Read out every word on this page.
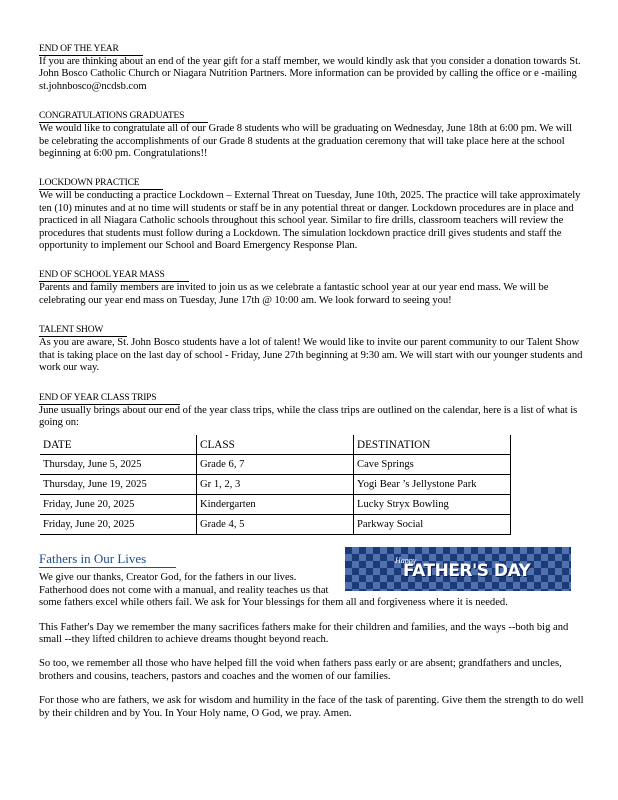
END OF THE YEAR

If you are thinking about an end of the year gift for a staff member, we would kindly ask that you consider a donation towards St. John Bosco Catholic Church or Niagara Nutrition Partners. More information can be provided by calling the office or e -mailing st.johnbosco@ncdsb.com

CONGRATULATIONS GRADUATES

We would like to congratulate all of our Grade 8 students who will be graduating on Wednesday, June 18th at 6:00 pm. We will be celebrating the accomplishments of our Grade 8 students at the graduation ceremony that will take place here at the school beginning at 6:00 pm. Congratulations!!

LOCKDOWN PRACTICE

We will be conducting a practice Lockdown – External Threat on Tuesday, June 10th, 2025. The practice will take approximately ten (10) minutes and at no time will students or staff be in any potential threat or danger. Lockdown procedures are in place and practiced in all Niagara Catholic schools throughout this school year. Similar to fire drills, classroom teachers will review the procedures that students must follow during a Lockdown. The simulation lockdown practice drill gives students and staff the opportunity to implement our School and Board Emergency Response Plan.

END OF SCHOOL YEAR MASS

Parents and family members are invited to join us as we celebrate a fantastic school year at our year end mass. We will be celebrating our year end mass on Tuesday, June 17th @ 10:00 am. We look forward to seeing you!

TALENT SHOW

As you are aware, St. John Bosco students have a lot of talent! We would like to invite our parent community to our Talent Show that is taking place on the last day of school - Friday, June 27th beginning at 9:30 am. We will start with our younger students and work our way.

END OF YEAR CLASS TRIPS

June usually brings about our end of the year class trips, while the class trips are outlined on the calendar, here is a list of what is going on:

DATE	CLASS	DESTINATION
Thursday, June 5, 2025	Grade 6, 7	Cave Springs
Thursday, June 19, 2025	Gr 1, 2, 3	Yogi Bear ’s Jellystone Park
Friday, June 20, 2025	Kindergarten	Lucky Stryx Bowling
Friday, June 20, 2025	Grade 4, 5	Parkway Social
Fathers in Our Lives	Happy
FATHER'S DAY

We give our thanks, Creator God, for the fathers in our lives. Fatherhood does not come with a manual, and reality teaches us that some fathers excel while others fail. We ask for Your blessings for them all and forgiveness where it is needed.

This Father's Day we remember the many sacrifices fathers make for their children and families, and the ways --both big and small --they lifted children to achieve dreams thought beyond reach.

So too, we remember all those who have helped fill the void when fathers pass early or are absent; grandfathers and uncles, brothers and cousins, teachers, pastors and coaches and the women of our families.

For those who are fathers, we ask for wisdom and humility in the face of the task of parenting. Give them the strength to do well by their children and by You. In Your Holy name, O God, we pray. Amen.
